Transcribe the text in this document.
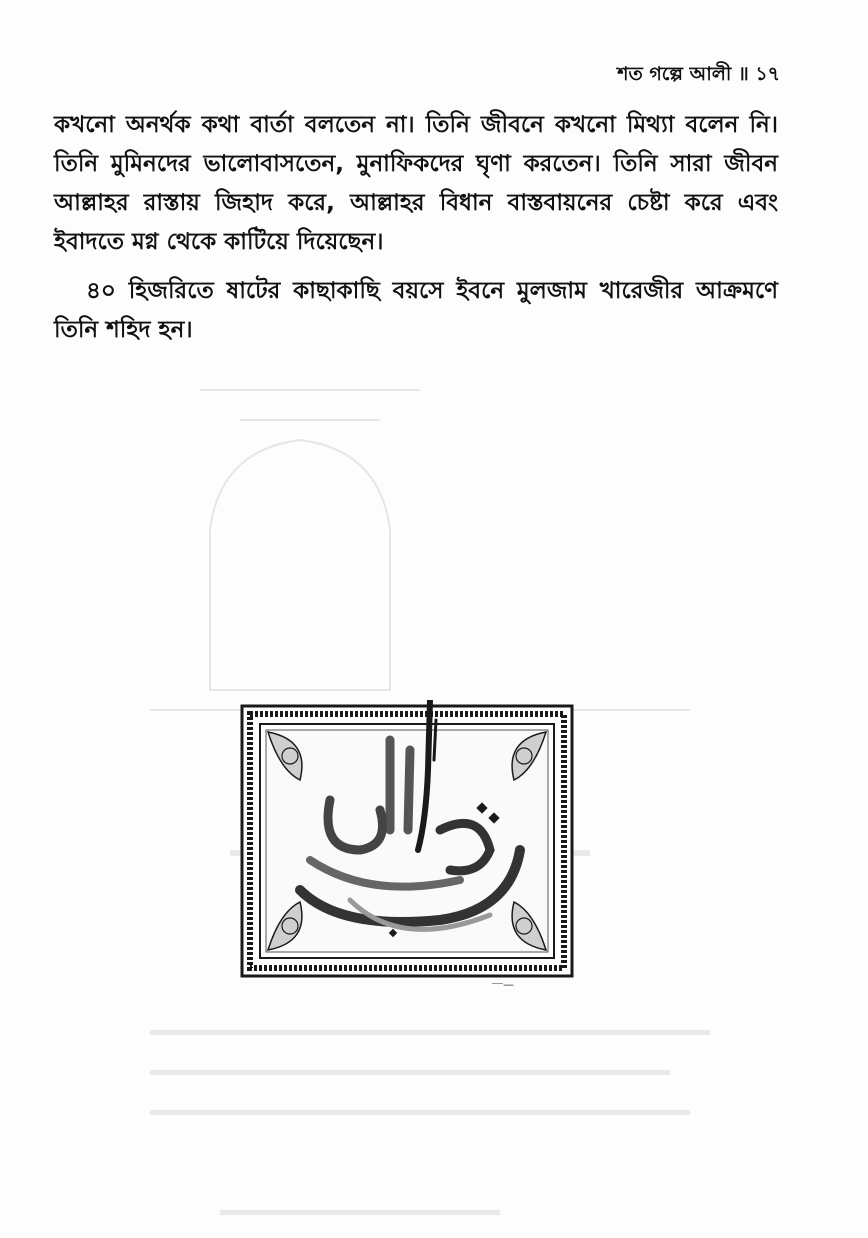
শত গল্পে আলী ॥ ১৭

কখনো অনর্থক কথা বার্তা বলতেন না। তিনি জীবনে কখনো মিথ্যা বলেন নি। তিনি মুমিনদের ভালোবাসতেন, মুনাফিকদের ঘৃণা করতেন। তিনি সারা জীবন আল্লাহর রাস্তায় জিহাদ করে, আল্লাহর বিধান বাস্তবায়নের চেষ্টা করে এবং ইবাদতে মগ্ন থেকে কাটিয়ে দিয়েছেন।

৪০ হিজরিতে ষাটের কাছাকাছি বয়সে ইবনে মুলজাম খারেজীর আক্রমণে তিনি শহিদ হন।

ᜭᜭ—
